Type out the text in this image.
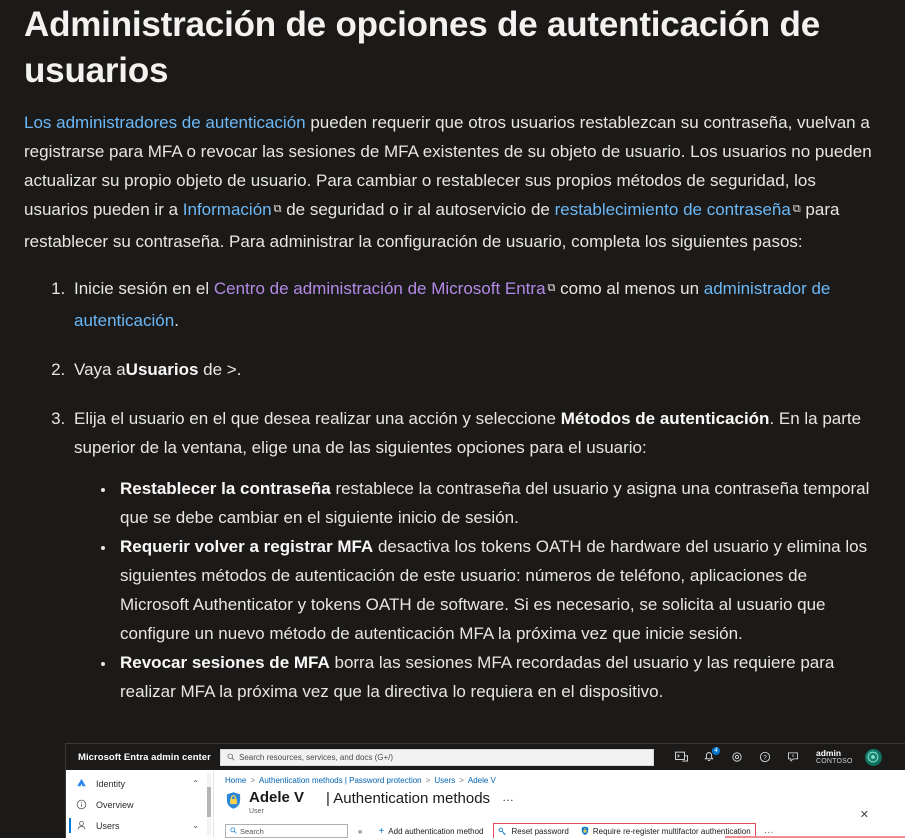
Administración de opciones de autenticación de usuarios

Los administradores de autenticación pueden requerir que otros usuarios restablezcan su contraseña, vuelvan a registrarse para MFA o revocar las sesiones de MFA existentes de su objeto de usuario. Los usuarios no pueden actualizar su propio objeto de usuario. Para cambiar o restablecer sus propios métodos de seguridad, los usuarios pueden ir a Información ⧉ de seguridad o ir al autoservicio de restablecimiento de contraseña ⧉ para restablecer su contraseña. Para administrar la configuración de usuario, completa los siguientes pasos:

1. Inicie sesión en el Centro de administración de Microsoft Entra ⧉ como al menos un administrador de autenticación.
2. Vaya aUsuarios de >.
3. Elija el usuario en el que desea realizar una acción y seleccione Métodos de autenticación. En la parte superior de la ventana, elige una de las siguientes opciones para el usuario:
• Restablecer la contraseña restablece la contraseña del usuario y asigna una contraseña temporal que se debe cambiar en el siguiente inicio de sesión.
• Requerir volver a registrar MFA desactiva los tokens OATH de hardware del usuario y elimina los siguientes métodos de autenticación de este usuario: números de teléfono, aplicaciones de Microsoft Authenticator y tokens OATH de software. Si es necesario, se solicita al usuario que configure un nuevo método de autenticación MFA la próxima vez que inicie sesión.
• Revocar sesiones de MFA borra las sesiones MFA recordadas del usuario y las requiere para realizar MFA la próxima vez que la directiva lo requiera en el dispositivo.
Microsoft Entra admin center	Search resources, services, and docs (G+/)
4
?
admin
CONTOSO
Identity	⌃
Overview
Users	⌄
Home > Authentication methods | Password protection > Users > Adele V
Adele V
User
| Authentication methods …
✕
Search	« + Add authentication method	Reset password	Require re-register multifactor authentication …
